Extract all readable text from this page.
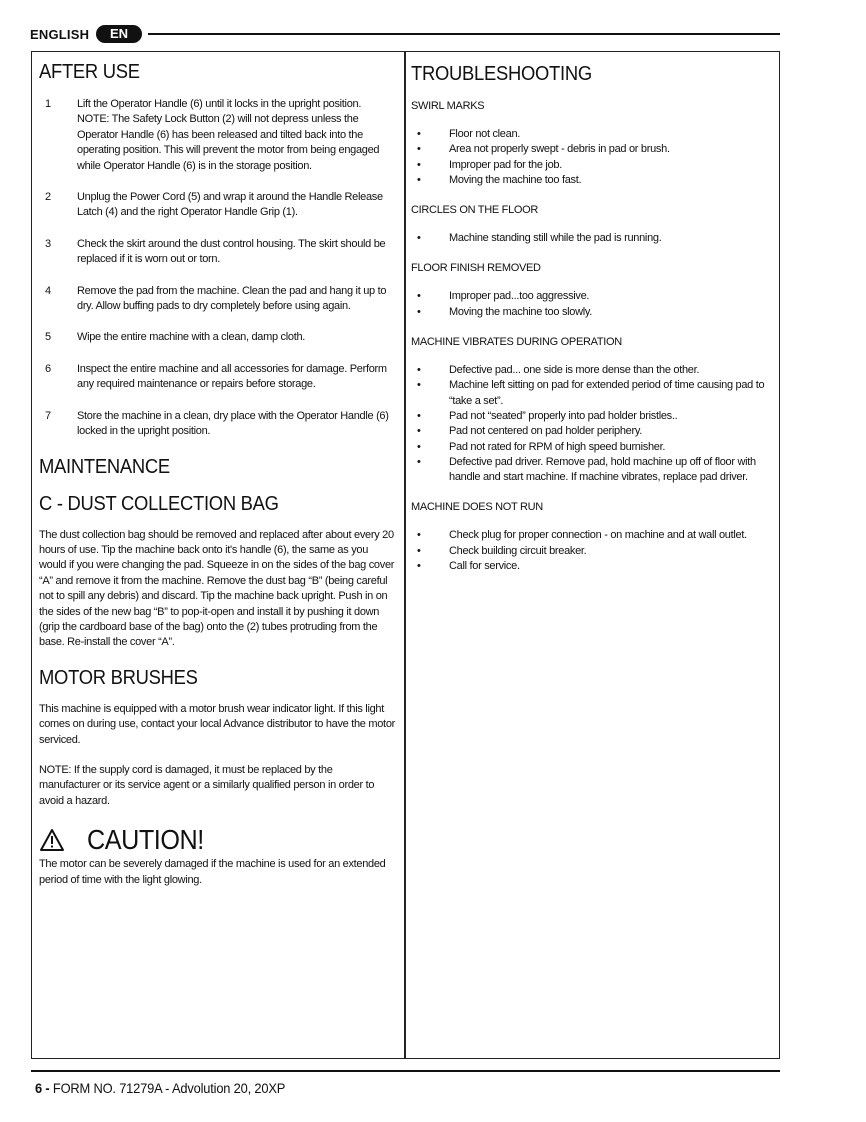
ENGLISH	EN
AFTER USE
1 Lift the Operator Handle (6) until it locks in the upright position. NOTE: The Safety Lock Button (2) will not depress unless the Operator Handle (6) has been released and tilted back into the operating position. This will prevent the motor from being engaged while Operator Handle (6) is in the storage position.
2 Unplug the Power Cord (5) and wrap it around the Handle Release Latch (4) and the right Operator Handle Grip (1).
3 Check the skirt around the dust control housing. The skirt should be replaced if it is worn out or torn.
4 Remove the pad from the machine. Clean the pad and hang it up to dry. Allow buffing pads to dry completely before using again.
5 Wipe the entire machine with a clean, damp cloth.
6 Inspect the entire machine and all accessories for damage. Perform any required maintenance or repairs before storage.
7 Store the machine in a clean, dry place with the Operator Handle (6) locked in the upright position.
MAINTENANCE
C - DUST COLLECTION BAG

The dust collection bag should be removed and replaced after about every 20 hours of use. Tip the machine back onto it's handle (6), the same as you would if you were changing the pad. Squeeze in on the sides of the bag cover “A” and remove it from the machine. Remove the dust bag “B” (being careful not to spill any debris) and discard. Tip the machine back upright. Push in on the sides of the new bag “B” to pop-it-open and install it by pushing it down (grip the cardboard base of the bag) onto the (2) tubes protruding from the base. Re-install the cover “A”.

MOTOR BRUSHES

This machine is equipped with a motor brush wear indicator light. If this light comes on during use, contact your local Advance distributor to have the motor serviced.

NOTE: If the supply cord is damaged, it must be replaced by the manufacturer or its service agent or a similarly qualified person in order to avoid a hazard.

CAUTION!

The motor can be severely damaged if the machine is used for an extended period of time with the light glowing.

TROUBLESHOOTING

SWIRL MARKS

•	Floor not clean.
•	Area not properly swept - debris in pad or brush.
•	Improper pad for the job.
•	Moving the machine too fast.

CIRCLES ON THE FLOOR

•	Machine standing still while the pad is running.

FLOOR FINISH REMOVED

•	Improper pad...too aggressive.
•	Moving the machine too slowly.

MACHINE VIBRATES DURING OPERATION

•	Defective pad... one side is more dense than the other.
•	Machine left sitting on pad for extended period of time causing pad to “take a set”.
•	Pad not “seated” properly into pad holder bristles..
•	Pad not centered on pad holder periphery.
•	Pad not rated for RPM of high speed burnisher.
•	Defective pad driver. Remove pad, hold machine up off of floor with handle and start machine. If machine vibrates, replace pad driver.

MACHINE DOES NOT RUN

•	Check plug for proper connection - on machine and at wall outlet.
•	Check building circuit breaker.
•	Call for service.
6 - FORM NO. 71279A - Advolution 20, 20XP
